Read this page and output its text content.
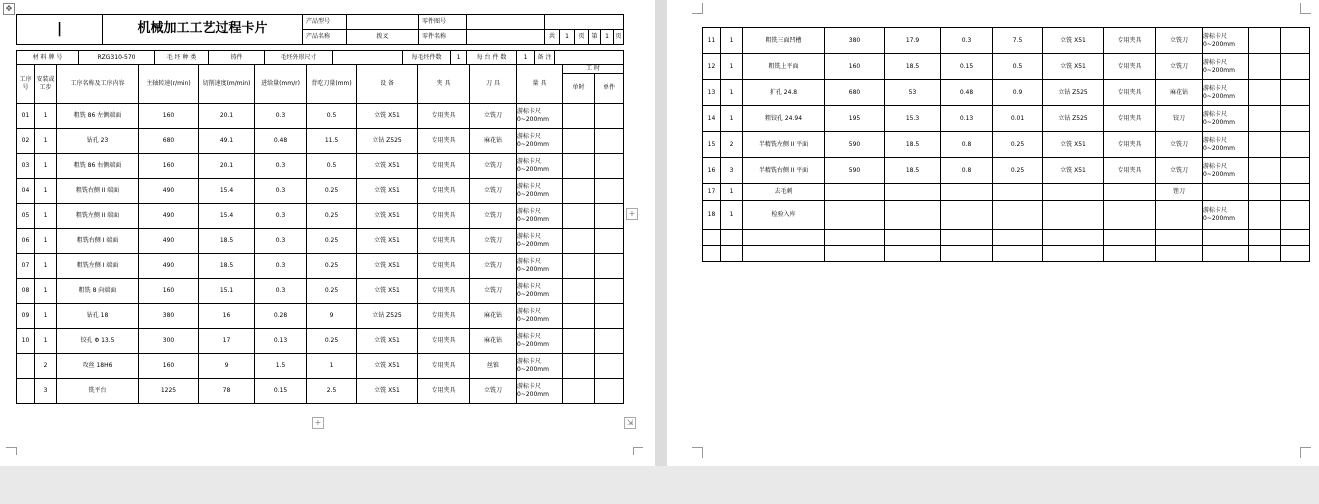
✥
|	机械加工工艺过程卡片	产品型号		零件图号							
		产品名称	拨叉	零件名称		共	1	页	第	1	页
材 料 牌 号	RZG310-570	毛 坯 种 类	铸件	毛坯外形尺寸		每毛坯件数	1	每 台 件 数	1	备 注	
工序号	安装或工步	工序名称及工序内容	主轴转速(r/min)	切削速度(m/min)	进给量(mm/r)	背吃刀量(mm)	设 备	夹 具	刀 具	量 具	工 时	
											单时	单件
01	1	粗铣 86 左侧端面	160	20.1	0.3	0.5	立铣 X51	专用夹具	立铣刀	游标卡尺
0~200mm		

02	1	钻孔 23	680	49.1	0.48	11.5	立钻 Z525	专用夹具	麻花钻	游标卡尺
0~200mm		

03	1	粗铣 86 右侧端面	160	20.1	0.3	0.5	立铣 X51	专用夹具	立铣刀	游标卡尺
0~200mm		

04	1	粗铣右侧 II 端面	490	15.4	0.3	0.25	立铣 X51	专用夹具	立铣刀	游标卡尺
0~200mm		

05	1	粗铣左侧 II 端面	490	15.4	0.3	0.25	立铣 X51	专用夹具	立铣刀	游标卡尺
0~200mm		

06	1	粗铣右侧 I 端面	490	18.5	0.3	0.25	立铣 X51	专用夹具	立铣刀	游标卡尺
0~200mm		

07	1	粗铣左侧 I 端面	490	18.5	0.3	0.25	立铣 X51	专用夹具	立铣刀	游标卡尺
0~200mm		

08	1	粗铣 8 向端面	160	15.1	0.3	0.25	立铣 X51	专用夹具	立铣刀	游标卡尺
0~200mm		

09	1	钻孔 18	380	16	0.28	9	立钻 Z525	专用夹具	麻花钻	游标卡尺
0~200mm		

10	1	铰孔 Φ 13.5	300	17	0.13	0.25	立铣 X51	专用夹具	麻花钻	游标卡尺
0~200mm		

	2	攻丝 18H6	160	9	1.5	1	立铣 X51	专用夹具	丝锥	游标卡尺
0~200mm		

	3	铣平台	1225	78	0.15	2.5	立铣 X51	专用夹具	立铣刀	游标卡尺
0~200mm		

+
+
⇲
11	1	粗铣三面凹槽	380	17.9	0.3	7.5	立铣 X51	专用夹具	立铣刀	游标卡尺
0~200mm		

12	1	粗铣上平面	160	18.5	0.15	0.5	立铣 X51	专用夹具	立铣刀	游标卡尺
0~200mm		

13	1	扩孔 24.8	680	53	0.48	0.9	立钻 Z525	专用夹具	麻花钻	游标卡尺
0~200mm		

14	1	粗铰孔 24.94	195	15.3	0.13	0.01	立钻 Z525	专用夹具	铰刀	游标卡尺
0~200mm		

15	2	半精铣左侧 II 平面	590	18.5	0.8	0.25	立铣 X51	专用夹具	立铣刀	游标卡尺
0~200mm		

16	3	半精铣右侧 II 平面	590	18.5	0.8	0.25	立铣 X51	专用夹具	立铣刀	游标卡尺
0~200mm		

17	1	去毛刺							锉刀	

18	1	检验入库								游标卡尺
0~200mm		
